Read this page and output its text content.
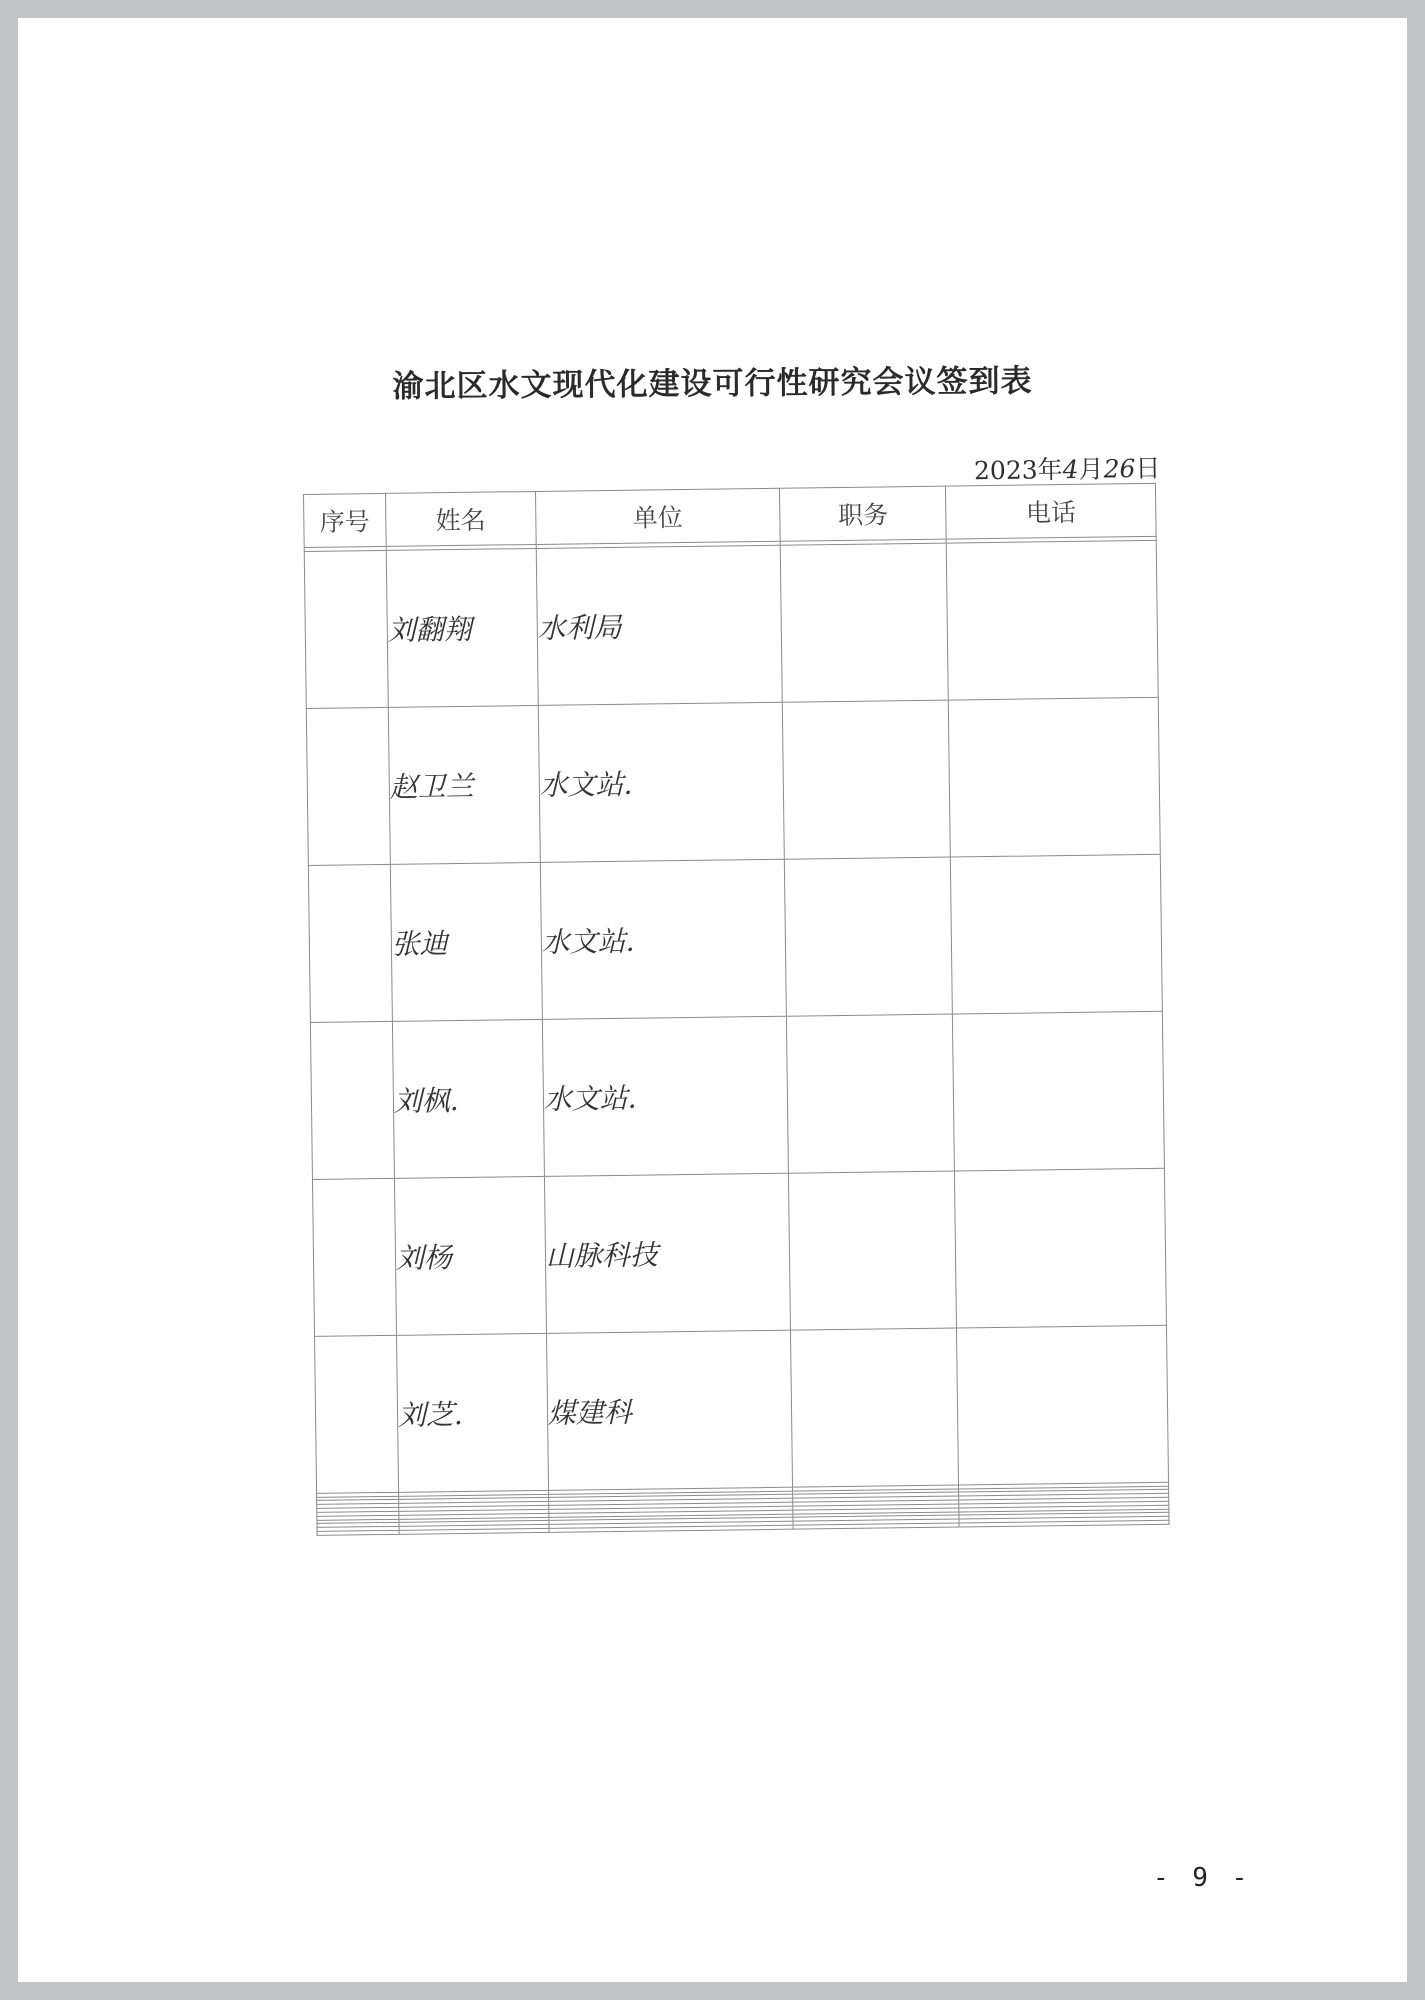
渝北区水文现代化建设可行性研究会议签到表
2023年4月26日
序号	姓名	单位	职务	电话

	刘翻翔	水利局		
	赵卫兰	水文站.		
	张迪	水文站.		
	刘枫.	水文站.		
	刘杨	山脉科技		
	刘芝.	煤建科		

- 9 -
